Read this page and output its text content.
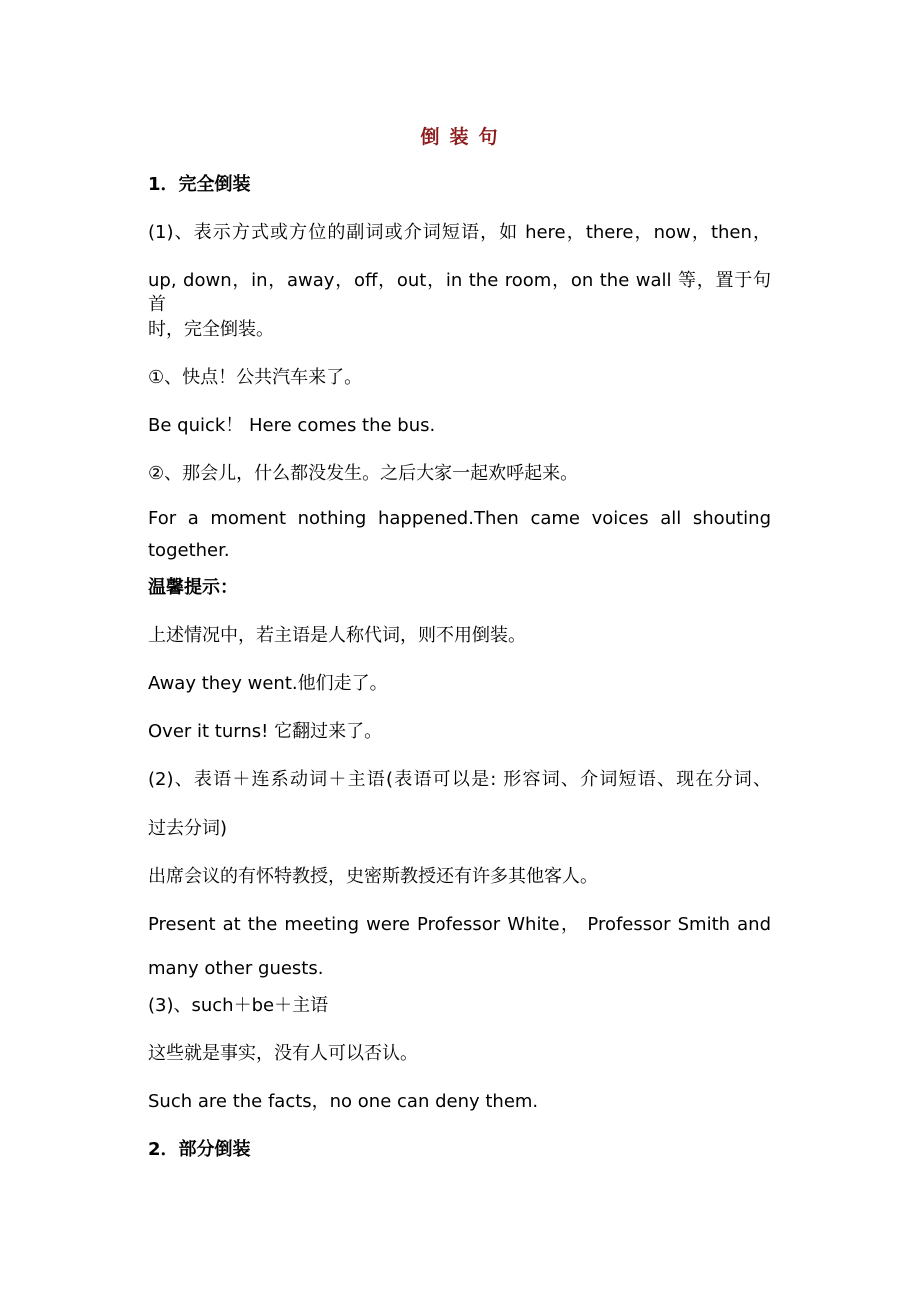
倒装句
1．完全倒装
(1)、表示方式或方位的副词或介词短语，如 here，there，now，then，
up, down，in，away，off，out，in the room，on the wall 等，置于句首
时，完全倒装。
①、快点！公共汽车来了。
Be quick！ Here comes the bus.
②、那会儿，什么都没发生。之后大家一起欢呼起来。
For a moment nothing happened.Then came voices all shouting
together.
温馨提示：
上述情况中，若主语是人称代词，则不用倒装。
Away they went.他们走了。
Over it turns! 它翻过来了。
(2)、表语＋连系动词＋主语(表语可以是: 形容词、介词短语、现在分词、
过去分词)
出席会议的有怀特教授，史密斯教授还有许多其他客人。
Present at the meeting were Professor White， Professor Smith and
many other guests.
(3)、such＋be＋主语
这些就是事实，没有人可以否认。
Such are the facts，no one can deny them.
2．部分倒装
